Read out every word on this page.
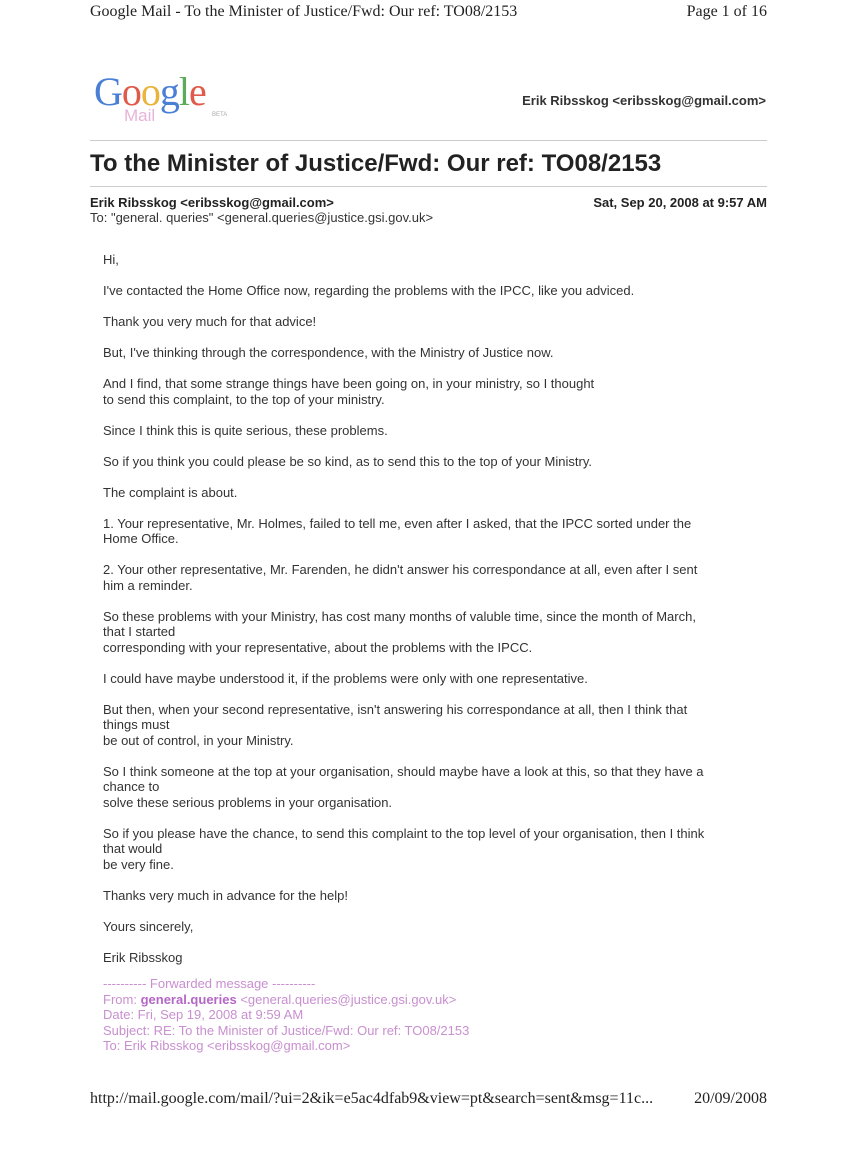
Google Mail - To the Minister of Justice/Fwd: Our ref: TO08/2153	Page 1 of 16
Google
Mail	BETA
Erik Ribsskog <eribsskog@gmail.com>
To the Minister of Justice/Fwd: Our ref: TO08/2153
Erik Ribsskog <eribsskog@gmail.com>	Sat, Sep 20, 2008 at 9:57 AM
To: "general. queries" <general.queries@justice.gsi.gov.uk>

Hi,

I've contacted the Home Office now, regarding the problems with the IPCC, like you adviced.

Thank you very much for that advice!

But, I've thinking through the correspondence, with the Ministry of Justice now.

And I find, that some strange things have been going on, in your ministry, so I thought
to send this complaint, to the top of your ministry.

Since I think this is quite serious, these problems.

So if you think you could please be so kind, as to send this to the top of your Ministry.

The complaint is about.

1. Your representative, Mr. Holmes, failed to tell me, even after I asked, that the IPCC sorted under the
Home Office.

2. Your other representative, Mr. Farenden, he didn't answer his correspondance at all, even after I sent
him a reminder.

So these problems with your Ministry, has cost many months of valuble time, since the month of March,
that I started
corresponding with your representative, about the problems with the IPCC.

I could have maybe understood it, if the problems were only with one representative.

But then, when your second representative, isn't answering his correspondance at all, then I think that
things must
be out of control, in your Ministry.

So I think someone at the top at your organisation, should maybe have a look at this, so that they have a
chance to
solve these serious problems in your organisation.

So if you please have the chance, to send this complaint to the top level of your organisation, then I think
that would
be very fine.

Thanks very much in advance for the help!

Yours sincerely,

Erik Ribsskog

---------- Forwarded message ----------
From: general.queries <general.queries@justice.gsi.gov.uk>
Date: Fri, Sep 19, 2008 at 9:59 AM
Subject: RE: To the Minister of Justice/Fwd: Our ref: TO08/2153
To: Erik Ribsskog <eribsskog@gmail.com>
http://mail.google.com/mail/?ui=2&ik=e5ac4dfab9&view=pt&search=sent&msg=11c...	20/09/2008
